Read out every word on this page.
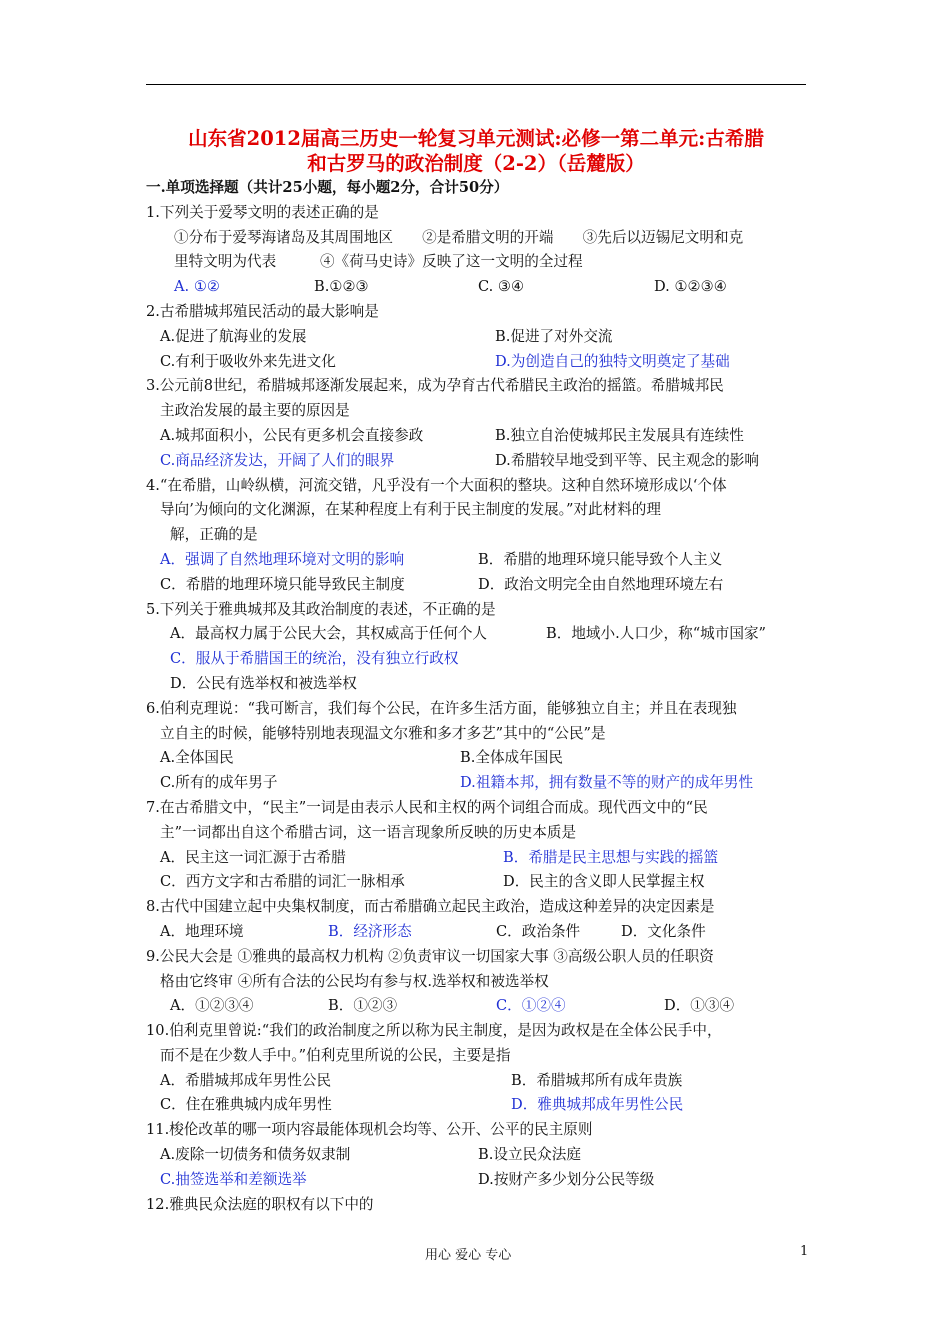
山东省2012届高三历史一轮复习单元测试:必修一第二单元:古希腊
和古罗马的政治制度（2-2）（岳麓版）
一.单项选择题（共计25小题，每小题2分，合计50分）
1.下列关于爱琴文明的表述正确的是
①分布于爱琴海诸岛及其周围地区　　②是希腊文明的开端　　③先后以迈锡尼文明和克
里特文明为代表　　　④《荷马史诗》反映了这一文明的全过程
A. ①②	B.①②③	C. ③④	D. ①②③④
2.古希腊城邦殖民活动的最大影响是
A.促进了航海业的发展	B.促进了对外交流
C.有利于吸收外来先进文化	D.为创造自己的独特文明奠定了基础
3.公元前8世纪，希腊城邦逐渐发展起来，成为孕育古代希腊民主政治的摇篮。希腊城邦民
主政治发展的最主要的原因是
A.城邦面积小，公民有更多机会直接参政	B.独立自治使城邦民主发展具有连续性
C.商品经济发达，开阔了人们的眼界	D.希腊较早地受到平等、民主观念的影响
4.“在希腊，山岭纵横，河流交错，凡乎没有一个大面积的整块。这种自然环境形成以‘个体
导向’为倾向的文化渊源，在某种程度上有利于民主制度的发展。”对此材料的理
解，正确的是
A．强调了自然地理环境对文明的影响	B．希腊的地理环境只能导致个人主义
C．希腊的地理环境只能导致民主制度	D．政治文明完全由自然地理环境左右
5.下列关于雅典城邦及其政治制度的表述，不正确的是
A．最高权力属于公民大会，其权威高于任何个人	B．地域小.人口少，称“城市国家”
C．服从于希腊国王的统治，没有独立行政权
D．公民有选举权和被选举权
6.伯利克理说：“我可断言，我们每个公民，在许多生活方面，能够独立自主；并且在表现独
立自主的时候，能够特别地表现温文尔雅和多才多艺”其中的“公民”是
A.全体国民	B.全体成年国民
C.所有的成年男子	D.祖籍本邦，拥有数量不等的财产的成年男性
7.在古希腊文中，“民主”一词是由表示人民和主权的两个词组合而成。现代西文中的“民
主”一词都出自这个希腊古词，这一语言现象所反映的历史本质是
A．民主这一词汇源于古希腊	B．希腊是民主思想与实践的摇篮
C．西方文字和古希腊的词汇一脉相承	D．民主的含义即人民掌握主权
8.古代中国建立起中央集权制度，而古希腊确立起民主政治，造成这种差异的决定因素是
A．地理环境	B．经济形态	C．政治条件	D．文化条件
9.公民大会是 ①雅典的最高权力机构 ②负责审议一切国家大事 ③高级公职人员的任职资
格由它终审 ④所有合法的公民均有参与权.选举权和被选举权
A．①②③④	B．①②③	C．①②④	D．①③④
10.伯利克里曾说:“我们的政治制度之所以称为民主制度，是因为政权是在全体公民手中，
而不是在少数人手中。”伯利克里所说的公民，主要是指
A．希腊城邦成年男性公民	B．希腊城邦所有成年贵族
C．住在雅典城内成年男性	D．雅典城邦成年男性公民
11.梭伦改革的哪一项内容最能体现机会均等、公开、公平的民主原则
A.废除一切债务和债务奴隶制	B.设立民众法庭
C.抽签选举和差额选举	D.按财产多少划分公民等级
12.雅典民众法庭的职权有以下中的
用心 爱心 专心	1
